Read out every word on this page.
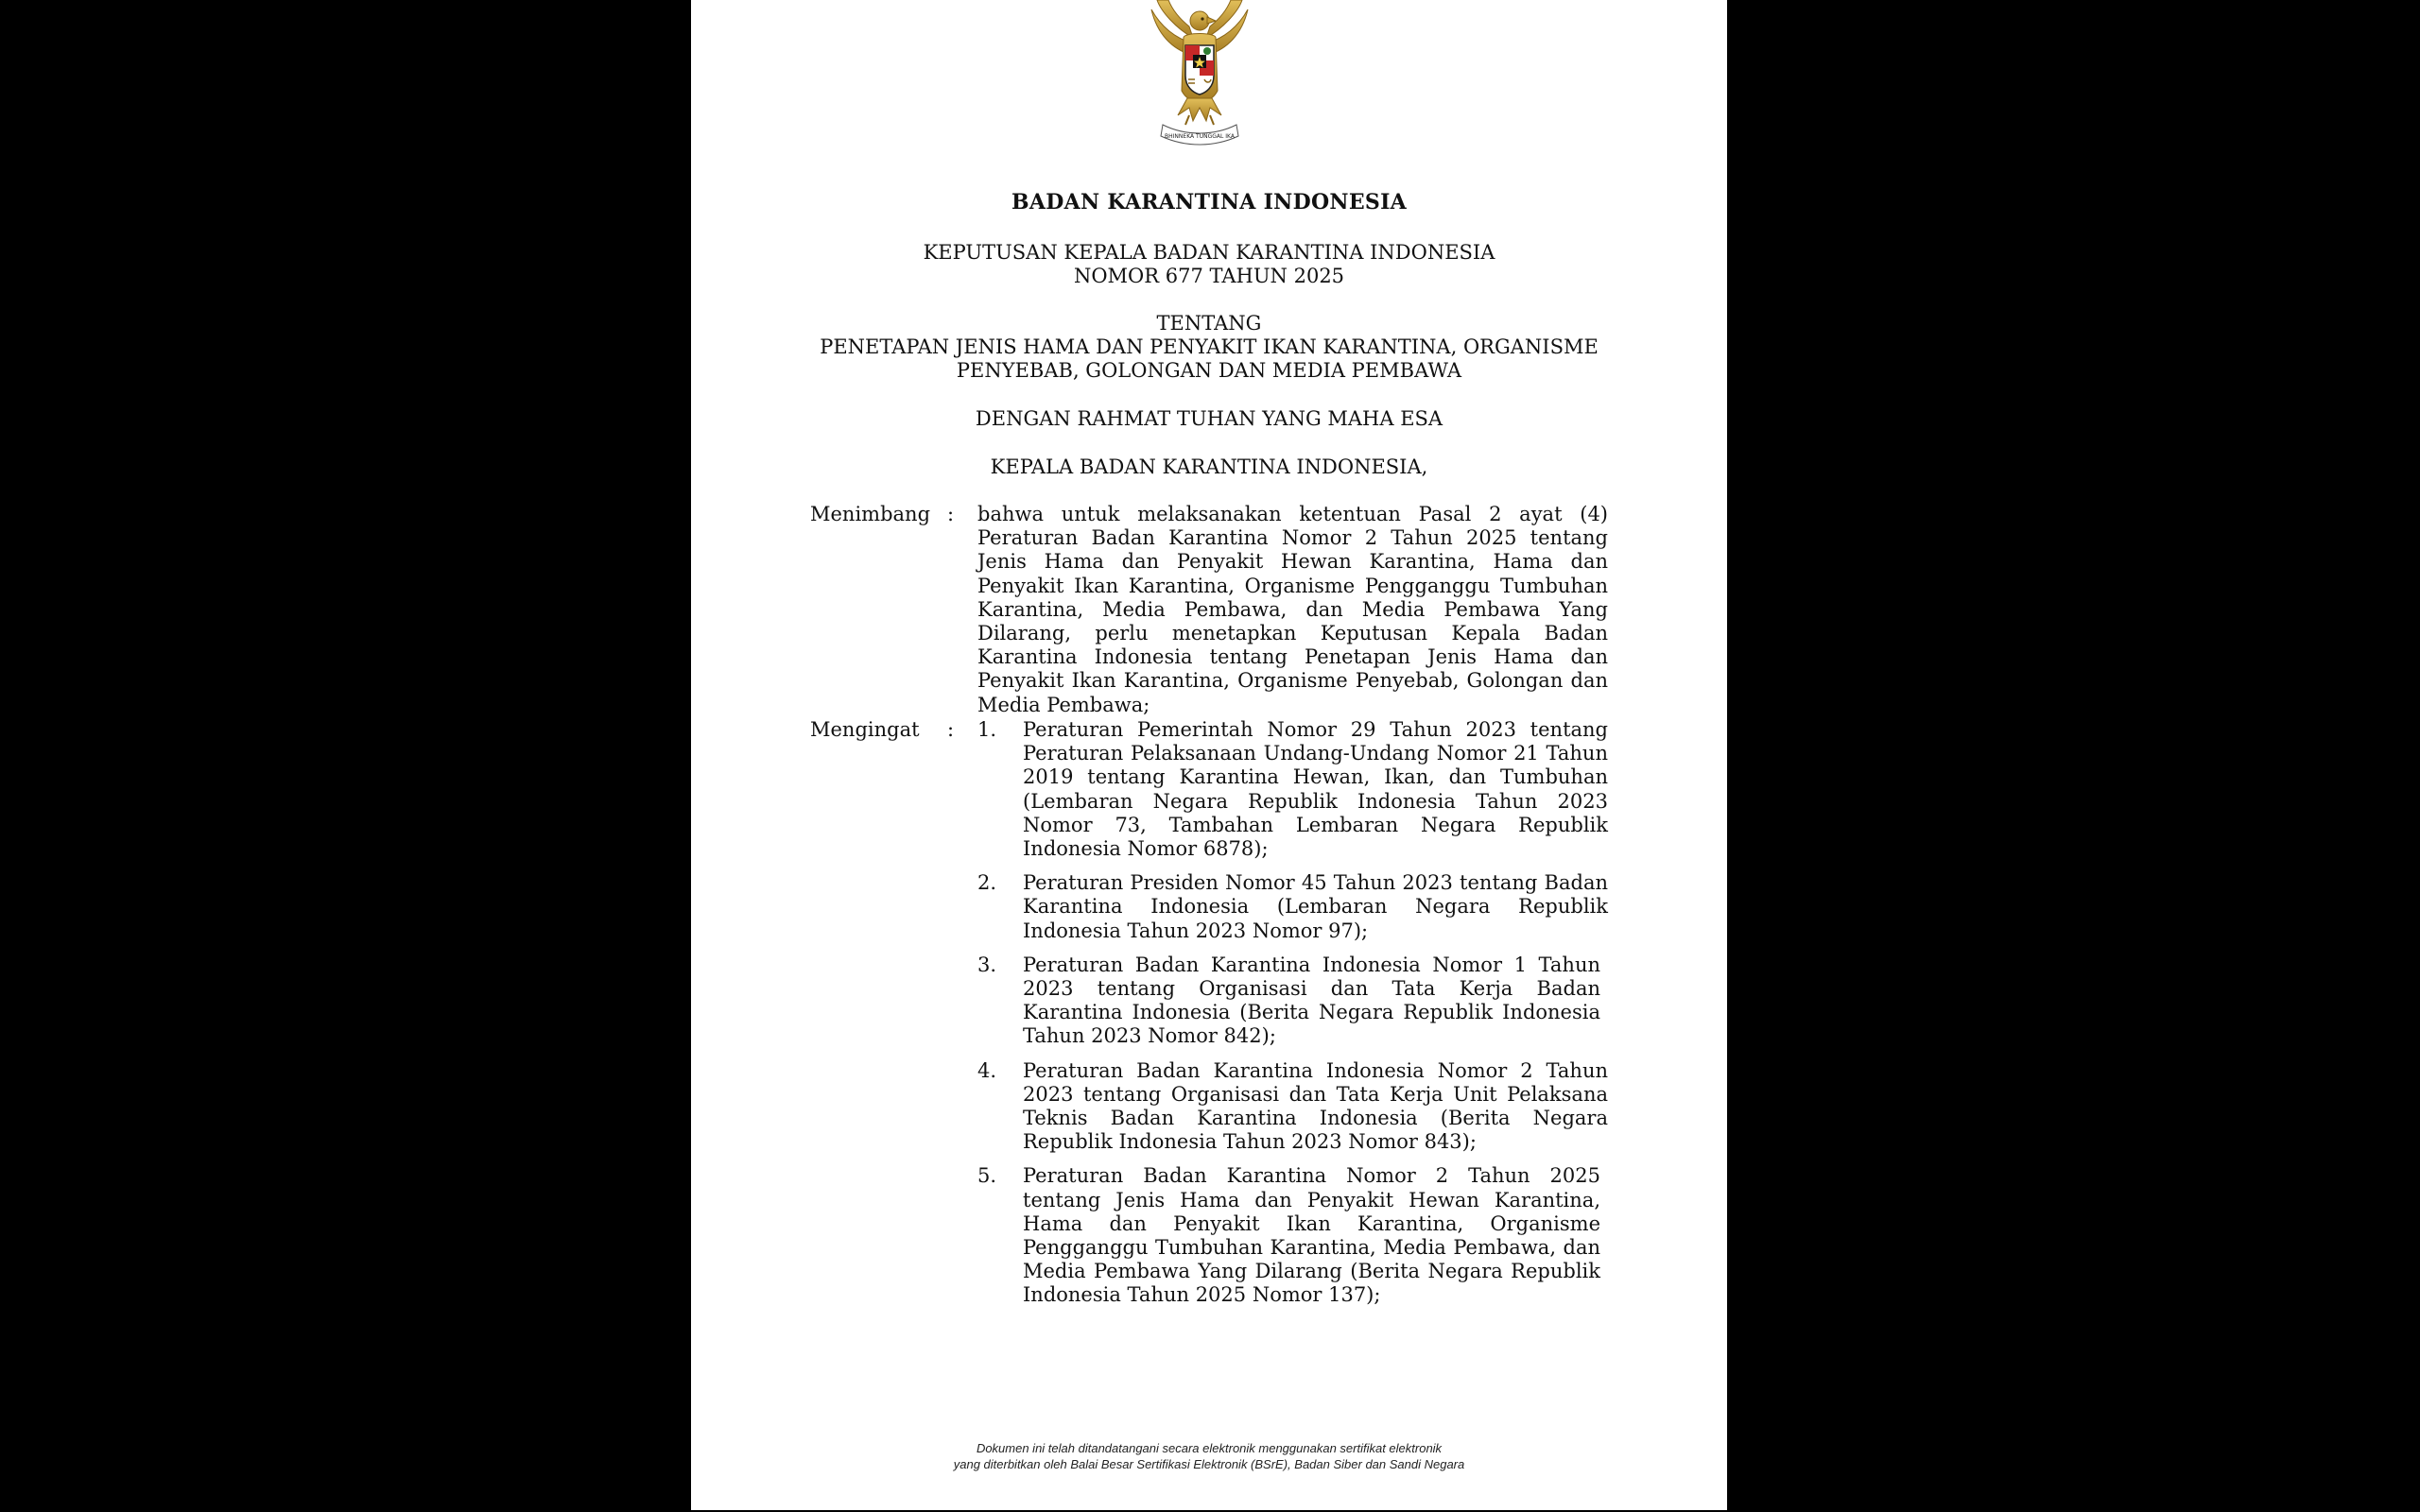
BHINNEKA TUNGGAL IKA
BADAN KARANTINA INDONESIA
KEPUTUSAN KEPALA BADAN KARANTINA INDONESIA
NOMOR 677 TAHUN 2025
TENTANG
PENETAPAN JENIS HAMA DAN PENYAKIT IKAN KARANTINA, ORGANISME
PENYEBAB, GOLONGAN DAN MEDIA PEMBAWA
DENGAN RAHMAT TUHAN YANG MAHA ESA
KEPALA BADAN KARANTINA INDONESIA,
Menimbang : bahwa untuk melaksanakan ketentuan Pasal 2 ayat (4) Peraturan Badan Karantina Nomor 2 Tahun 2025 tentang Jenis Hama dan Penyakit Hewan Karantina, Hama dan Penyakit Ikan Karantina, Organisme Pengganggu Tumbuhan Karantina, Media Pembawa, dan Media Pembawa Yang Dilarang, perlu menetapkan Keputusan Kepala Badan Karantina Indonesia tentang Penetapan Jenis Hama dan Penyakit Ikan Karantina, Organisme Penyebab, Golongan dan Media Pembawa;
Mengingat : 1. Peraturan Pemerintah Nomor 29 Tahun 2023 tentang Peraturan Pelaksanaan Undang-Undang Nomor 21 Tahun 2019 tentang Karantina Hewan, Ikan, dan Tumbuhan (Lembaran Negara Republik Indonesia Tahun 2023 Nomor 73, Tambahan Lembaran Negara Republik Indonesia Nomor 6878);
2. Peraturan Presiden Nomor 45 Tahun 2023 tentang Badan Karantina Indonesia (Lembaran Negara Republik Indonesia Tahun 2023 Nomor 97);
3. Peraturan Badan Karantina Indonesia Nomor 1 Tahun 2023 tentang Organisasi dan Tata Kerja Badan Karantina Indonesia (Berita Negara Republik Indonesia Tahun 2023 Nomor 842);
4. Peraturan Badan Karantina Indonesia Nomor 2 Tahun 2023 tentang Organisasi dan Tata Kerja Unit Pelaksana Teknis Badan Karantina Indonesia (Berita Negara Republik Indonesia Tahun 2023 Nomor 843);
5. Peraturan Badan Karantina Nomor 2 Tahun 2025 tentang Jenis Hama dan Penyakit Hewan Karantina, Hama dan Penyakit Ikan Karantina, Organisme Pengganggu Tumbuhan Karantina, Media Pembawa, dan Media Pembawa Yang Dilarang (Berita Negara Republik Indonesia Tahun 2025 Nomor 137);
Dokumen ini telah ditandatangani secara elektronik menggunakan sertifikat elektronik
yang diterbitkan oleh Balai Besar Sertifikasi Elektronik (BSrE), Badan Siber dan Sandi Negara
